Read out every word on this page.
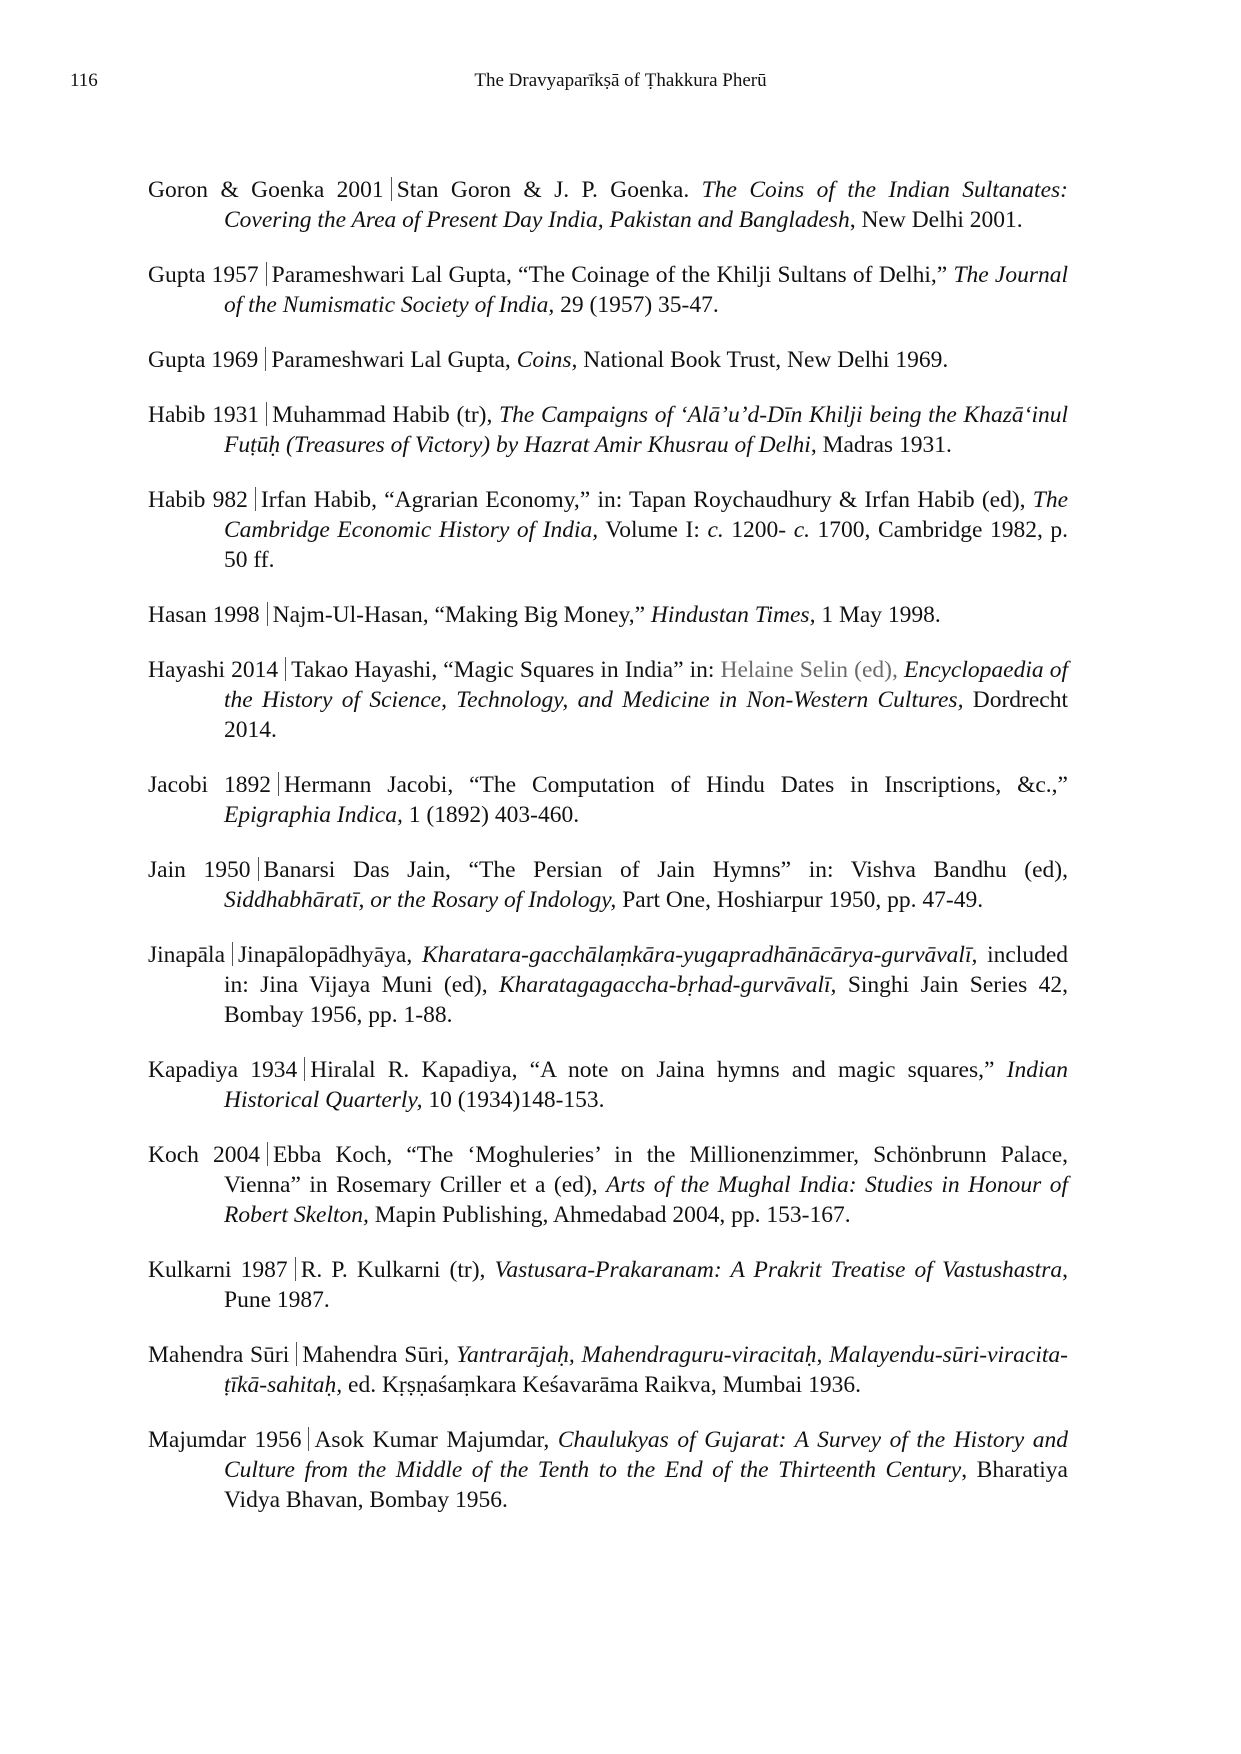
116	The Dravyaparīkṣā of Ṭhakkura Pherū

Goron & Goenka 2001 Stan Goron & J. P. Goenka. The Coins of the Indian Sultanates: Covering the Area of Present Day India, Pakistan and Bangladesh, New Delhi 2001.

Gupta 1957 Parameshwari Lal Gupta, “The Coinage of the Khilji Sultans of Delhi,” The Journal of the Numismatic Society of India, 29 (1957) 35-47.

Gupta 1969 Parameshwari Lal Gupta, Coins, National Book Trust, New Delhi 1969.

Habib 1931 Muhammad Habib (tr), The Campaigns of ‘Alā’u’d-Dīn Khilji being the Khazā‘inul Fuṭūḥ (Treasures of Victory) by Hazrat Amir Khusrau of Delhi, Madras 1931.

Habib 982 Irfan Habib, “Agrarian Economy,” in: Tapan Roychaudhury & Irfan Habib (ed), The Cambridge Economic History of India, Volume I: c. 1200- c. 1700, Cambridge 1982, p. 50 ff.

Hasan 1998 Najm-Ul-Hasan, “Making Big Money,” Hindustan Times, 1 May 1998.

Hayashi 2014 Takao Hayashi, “Magic Squares in India” in: Helaine Selin (ed), Encyclopaedia of the History of Science, Technology, and Medicine in Non-Western Cultures, Dordrecht 2014.

Jacobi 1892 Hermann Jacobi, “The Computation of Hindu Dates in Inscriptions, &c.,” Epigraphia Indica, 1 (1892) 403-460.

Jain 1950 Banarsi Das Jain, “The Persian of Jain Hymns” in: Vishva Bandhu (ed), Siddhabhāratī, or the Rosary of Indology, Part One, Hoshiarpur 1950, pp. 47-49.

Jinapāla Jinapālopādhyāya, Kharatara-gacchālaṃkāra-yugapradhānācārya-gurvāvalī, included in: Jina Vijaya Muni (ed), Kharatagagaccha-bṛhad-gurvāvalī, Singhi Jain Series 42, Bombay 1956, pp. 1-88.

Kapadiya 1934 Hiralal R. Kapadiya, “A note on Jaina hymns and magic squares,” Indian Historical Quarterly, 10 (1934)148-153.

Koch 2004 Ebba Koch, “The ‘Moghuleries’ in the Millionenzimmer, Schönbrunn Palace, Vienna” in Rosemary Criller et a (ed), Arts of the Mughal India: Studies in Honour of Robert Skelton, Mapin Publishing, Ahmedabad 2004, pp. 153-167.

Kulkarni 1987 R. P. Kulkarni (tr), Vastusara-Prakaranam: A Prakrit Treatise of Vastushastra, Pune 1987.

Mahendra Sūri Mahendra Sūri, Yantrarājaḥ, Mahendraguru-viracitaḥ, Malayendu-sūri-viracita-ṭīkā-sahitaḥ, ed. Kṛṣṇaśaṃkara Keśavarāma Raikva, Mumbai 1936.

Majumdar 1956 Asok Kumar Majumdar, Chaulukyas of Gujarat: A Survey of the History and Culture from the Middle of the Tenth to the End of the Thirteenth Century, Bharatiya Vidya Bhavan, Bombay 1956.
